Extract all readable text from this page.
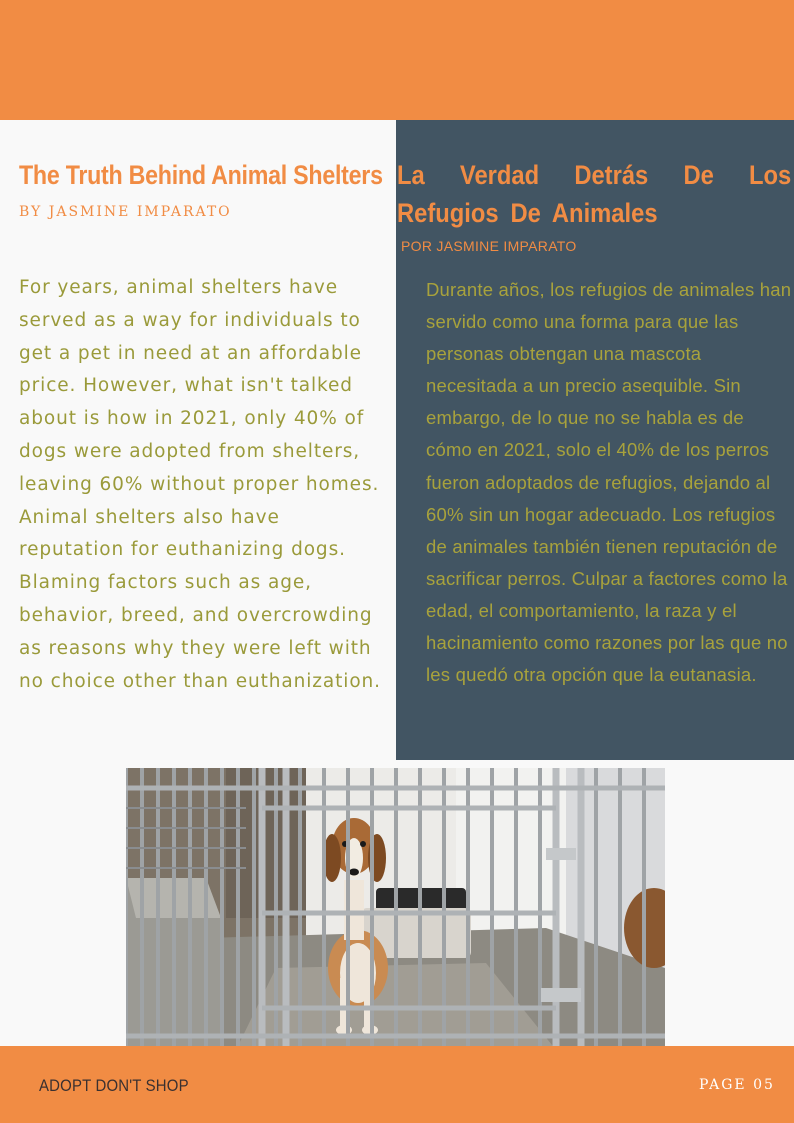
The Truth Behind Animal Shelters
BY JASMINE IMPARATO

For years, animal shelters have served as a way for individuals to get a pet in need at an affordable price. However, what isn't talked about is how in 2021, only 40% of dogs were adopted from shelters, leaving 60% without proper homes. Animal shelters also have reputation for euthanizing dogs. Blaming factors such as age, behavior, breed, and overcrowding as reasons why they were left with no choice other than euthanization.

La Verdad Detrás De Los Refugios De Animales
POR JASMINE IMPARATO

Durante años, los refugios de animales han servido como una forma para que las personas obtengan una mascota necesitada a un precio asequible. Sin embargo, de lo que no se habla es de cómo en 2021, solo el 40% de los perros fueron adoptados de refugios, dejando al 60% sin un hogar adecuado. Los refugios de animales también tienen reputación de sacrificar perros. Culpar a factores como la edad, el comportamiento, la raza y el hacinamiento como razones por las que no les quedó otra opción que la eutanasia.

ADOPT DON'T SHOP	PAGE 05
